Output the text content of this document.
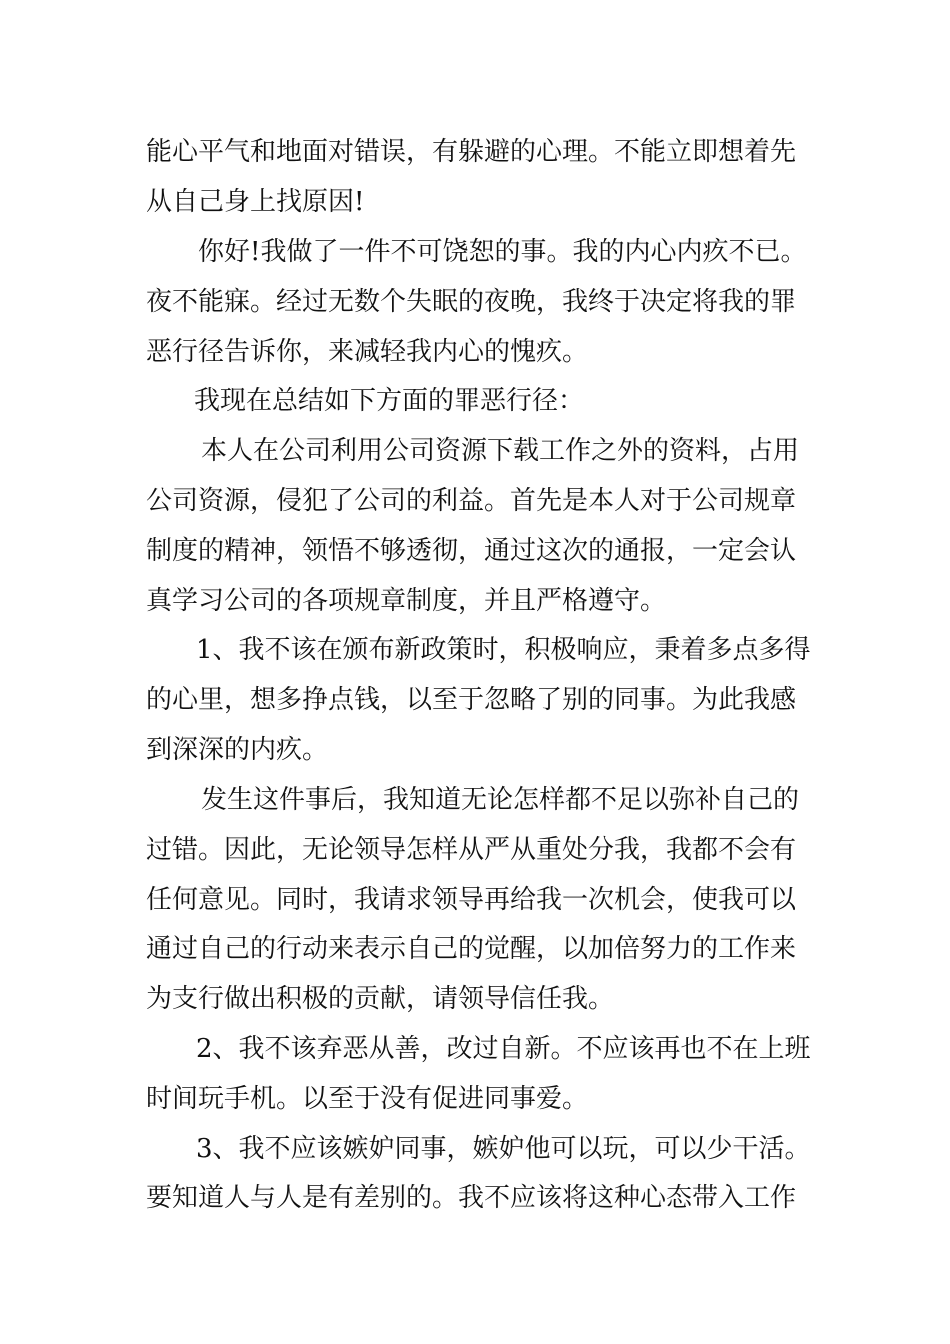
能心平气和地面对错误，有躲避的心理。不能立即想着先
从自己身上找原因!
你好!我做了一件不可饶恕的事。我的内心内疚不已。
夜不能寐。经过无数个失眠的夜晚，我终于决定将我的罪
恶行径告诉你，来减轻我内心的愧疚。
我现在总结如下方面的罪恶行径：
本人在公司利用公司资源下载工作之外的资料，占用
公司资源，侵犯了公司的利益。首先是本人对于公司规章
制度的精神，领悟不够透彻，通过这次的通报，一定会认
真学习公司的各项规章制度，并且严格遵守。
1、我不该在颁布新政策时，积极响应，秉着多点多得
的心里，想多挣点钱，以至于忽略了别的同事。为此我感
到深深的内疚。
发生这件事后，我知道无论怎样都不足以弥补自己的
过错。因此，无论领导怎样从严从重处分我，我都不会有
任何意见。同时，我请求领导再给我一次机会，使我可以
通过自己的行动来表示自己的觉醒，以加倍努力的工作来
为支行做出积极的贡献，请领导信任我。
2、我不该弃恶从善，改过自新。不应该再也不在上班
时间玩手机。以至于没有促进同事爱。
3、我不应该嫉妒同事，嫉妒他可以玩，可以少干活。
要知道人与人是有差别的。我不应该将这种心态带入工作
